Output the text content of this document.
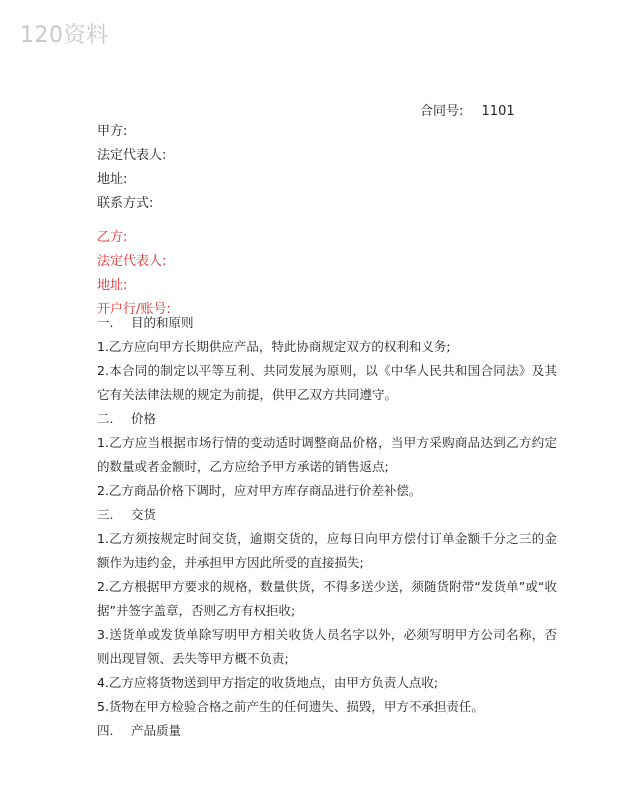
120资料
合同号: 1101
甲方:
法定代表人:
地址:
联系方式:
乙方:
法定代表人:
地址:
开户行/账号:
一. 目的和原则

1.乙方应向甲方长期供应产品，特此协商规定双方的权利和义务;

2.本合同的制定以平等互利、共同发展为原则，以《中华人民共和国合同法》及其它有关法律法规的规定为前提，供甲乙双方共同遵守。

二. 价格

1.乙方应当根据市场行情的变动适时调整商品价格，当甲方采购商品达到乙方约定的数量或者金额时，乙方应给予甲方承诺的销售返点;

2.乙方商品价格下调时，应对甲方库存商品进行价差补偿。

三. 交货

1.乙方须按规定时间交货，逾期交货的，应每日向甲方偿付订单金额千分之三的金额作为违约金，并承担甲方因此所受的直接损失;

2.乙方根据甲方要求的规格，数量供货，不得多送少送，须随货附带“发货单”或“收据”并签字盖章，否则乙方有权拒收;

3.送货单或发货单除写明甲方相关收货人员名字以外，必须写明甲方公司名称，否则出现冒领、丢失等甲方概不负责;

4.乙方应将货物送到甲方指定的收货地点，由甲方负责人点收;

5.货物在甲方检验合格之前产生的任何遗失、损毁，甲方不承担责任。

四. 产品质量
